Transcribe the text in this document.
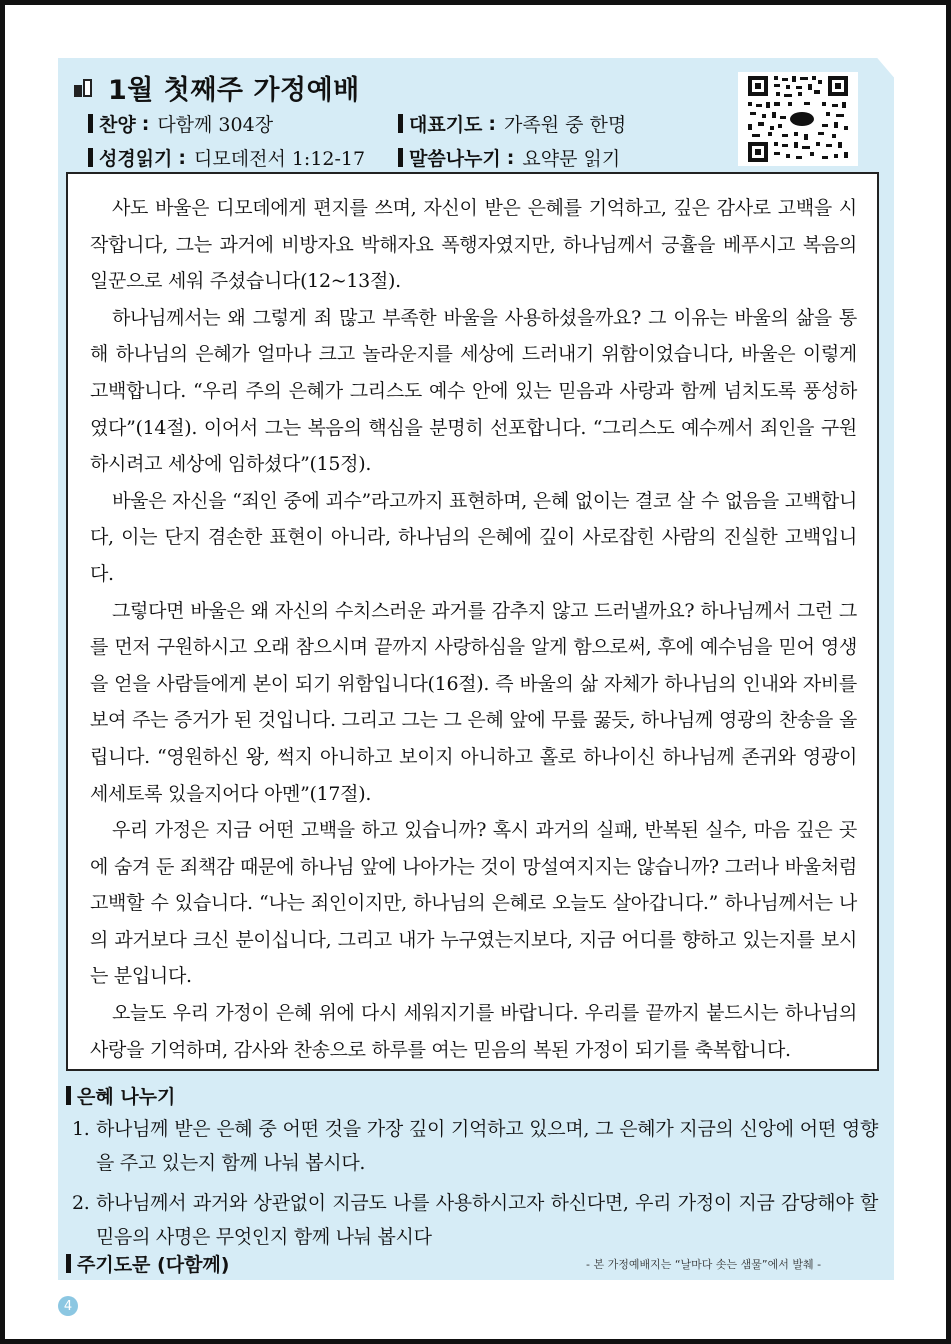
1월 첫째주 가정예배
찬양 : 다함께 304장	대표기도 : 가족원 중 한명
성경읽기 : 디모데전서 1:12-17 말씀나누기 : 요약문 읽기

사도 바울은 디모데에게 편지를 쓰며, 자신이 받은 은혜를 기억하고, 깊은 감사로 고백을 시작합니다, 그는 과거에 비방자요 박해자요 폭행자였지만, 하나님께서 긍휼을 베푸시고 복음의 일꾼으로 세워 주셨습니다(12~13절).

하나님께서는 왜 그렇게 죄 많고 부족한 바울을 사용하셨을까요? 그 이유는 바울의 삶을 통해 하나님의 은혜가 얼마나 크고 놀라운지를 세상에 드러내기 위함이었습니다, 바울은 이렇게 고백합니다. “우리 주의 은혜가 그리스도 예수 안에 있는 믿음과 사랑과 함께 넘치도록 풍성하였다”(14절). 이어서 그는 복음의 핵심을 분명히 선포합니다. “그리스도 예수께서 죄인을 구원하시려고 세상에 임하셨다”(15정).

바울은 자신을 “죄인 중에 괴수”라고까지 표현하며, 은혜 없이는 결코 살 수 없음을 고백합니다, 이는 단지 겸손한 표현이 아니라, 하나님의 은혜에 깊이 사로잡힌 사람의 진실한 고백입니다.

그렇다면 바울은 왜 자신의 수치스러운 과거를 감추지 않고 드러낼까요? 하나님께서 그런 그를 먼저 구원하시고 오래 참으시며 끝까지 사랑하심을 알게 함으로써, 후에 예수님을 믿어 영생을 얻을 사람들에게 본이 되기 위함입니다(16절). 즉 바울의 삶 자체가 하나님의 인내와 자비를 보여 주는 증거가 된 것입니다. 그리고 그는 그 은혜 앞에 무릎 꿇듯, 하나님께 영광의 찬송을 올립니다. “영원하신 왕, 썩지 아니하고 보이지 아니하고 홀로 하나이신 하나님께 존귀와 영광이 세세토록 있을지어다 아멘”(17절).

우리 가정은 지금 어떤 고백을 하고 있습니까? 혹시 과거의 실패, 반복된 실수, 마음 깊은 곳에 숨겨 둔 죄책감 때문에 하나님 앞에 나아가는 것이 망설여지지는 않습니까? 그러나 바울처럼 고백할 수 있습니다. “나는 죄인이지만, 하나님의 은혜로 오늘도 살아갑니다.” 하나님께서는 나의 과거보다 크신 분이십니다, 그리고 내가 누구였는지보다, 지금 어디를 향하고 있는지를 보시는 분입니다.

오늘도 우리 가정이 은혜 위에 다시 세워지기를 바랍니다. 우리를 끝까지 붙드시는 하나님의 사랑을 기억하며, 감사와 찬송으로 하루를 여는 믿음의 복된 가정이 되기를 축복합니다.

은혜 나누기
1. 하나님께 받은 은혜 중 어떤 것을 가장 깊이 기억하고 있으며, 그 은혜가 지금의 신앙에 어떤 영향을 주고 있는지 함께 나눠 봅시다.
2. 하나님께서 과거와 상관없이 지금도 나를 사용하시고자 하신다면, 우리 가정이 지금 감당해야 할 믿음의 사명은 무엇인지 함께 나눠 봅시다
주기도문 (다함께)	- 본 가정예배지는 “날마다 솟는 샘물”에서 발췌 -
4
